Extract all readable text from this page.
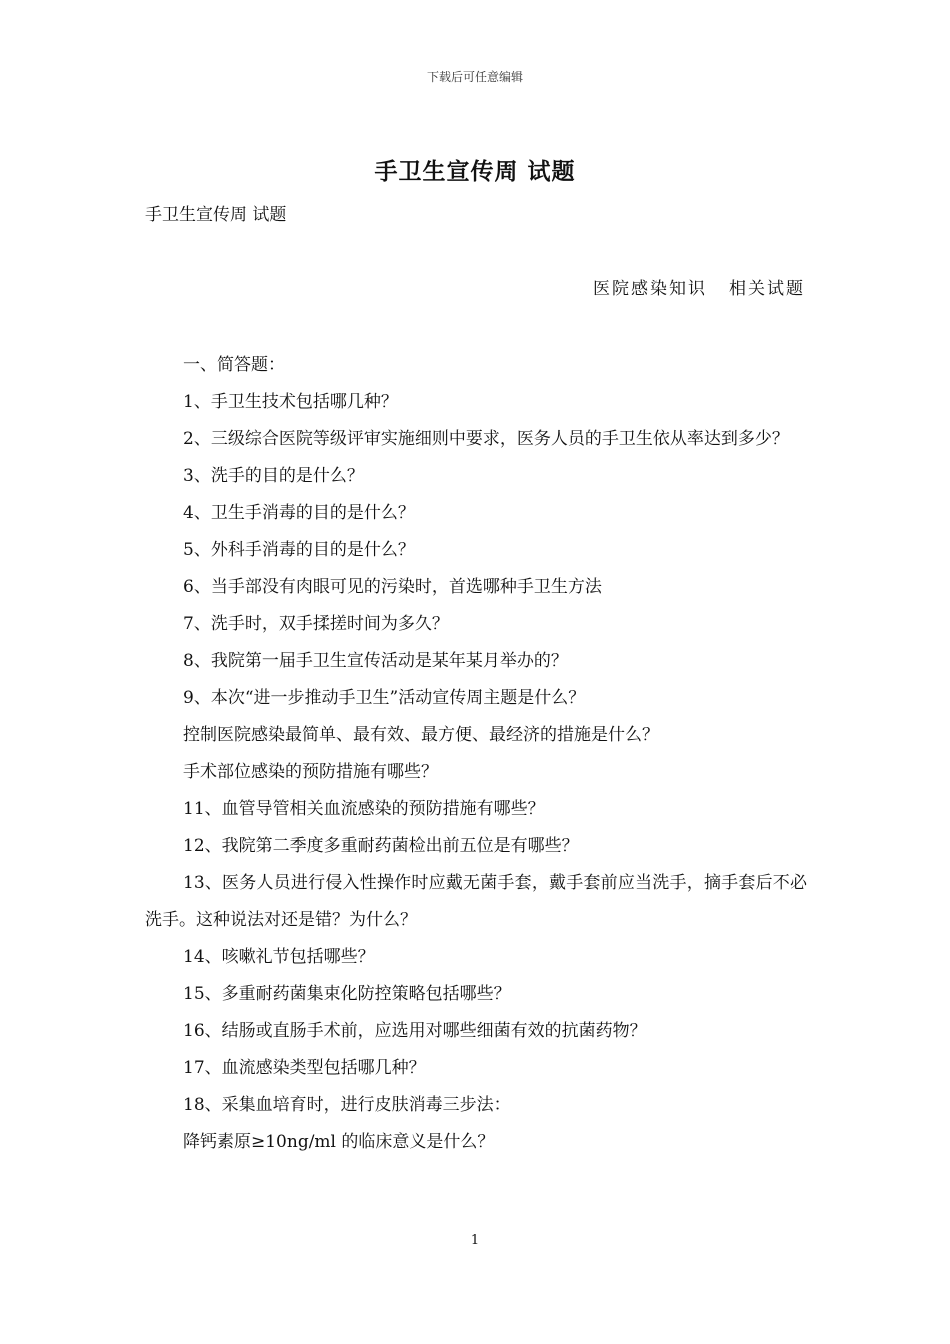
下载后可任意编辑
手卫生宣传周 试题
手卫生宣传周 试题
医院感染知识 相关试题

一、简答题：

1、手卫生技术包括哪几种？

2、三级综合医院等级评审实施细则中要求，医务人员的手卫生依从率达到多少？

3、洗手的目的是什么？

4、卫生手消毒的目的是什么？

5、外科手消毒的目的是什么？

6、当手部没有肉眼可见的污染时，首选哪种手卫生方法

7、洗手时，双手揉搓时间为多久？

8、我院第一届手卫生宣传活动是某年某月举办的？

9、本次“进一步推动手卫生”活动宣传周主题是什么？

控制医院感染最简单、最有效、最方便、最经济的措施是什么？

手术部位感染的预防措施有哪些？

11、血管导管相关血流感染的预防措施有哪些？

12、我院第二季度多重耐药菌检出前五位是有哪些？

13、医务人员进行侵入性操作时应戴无菌手套，戴手套前应当洗手，摘手套后不必洗手。这种说法对还是错？为什么？

14、咳嗽礼节包括哪些？

15、多重耐药菌集束化防控策略包括哪些？

16、结肠或直肠手术前，应选用对哪些细菌有效的抗菌药物？

17、血流感染类型包括哪几种？

18、采集血培育时，进行皮肤消毒三步法：

降钙素原≥10ng/ml 的临床意义是什么？

1
